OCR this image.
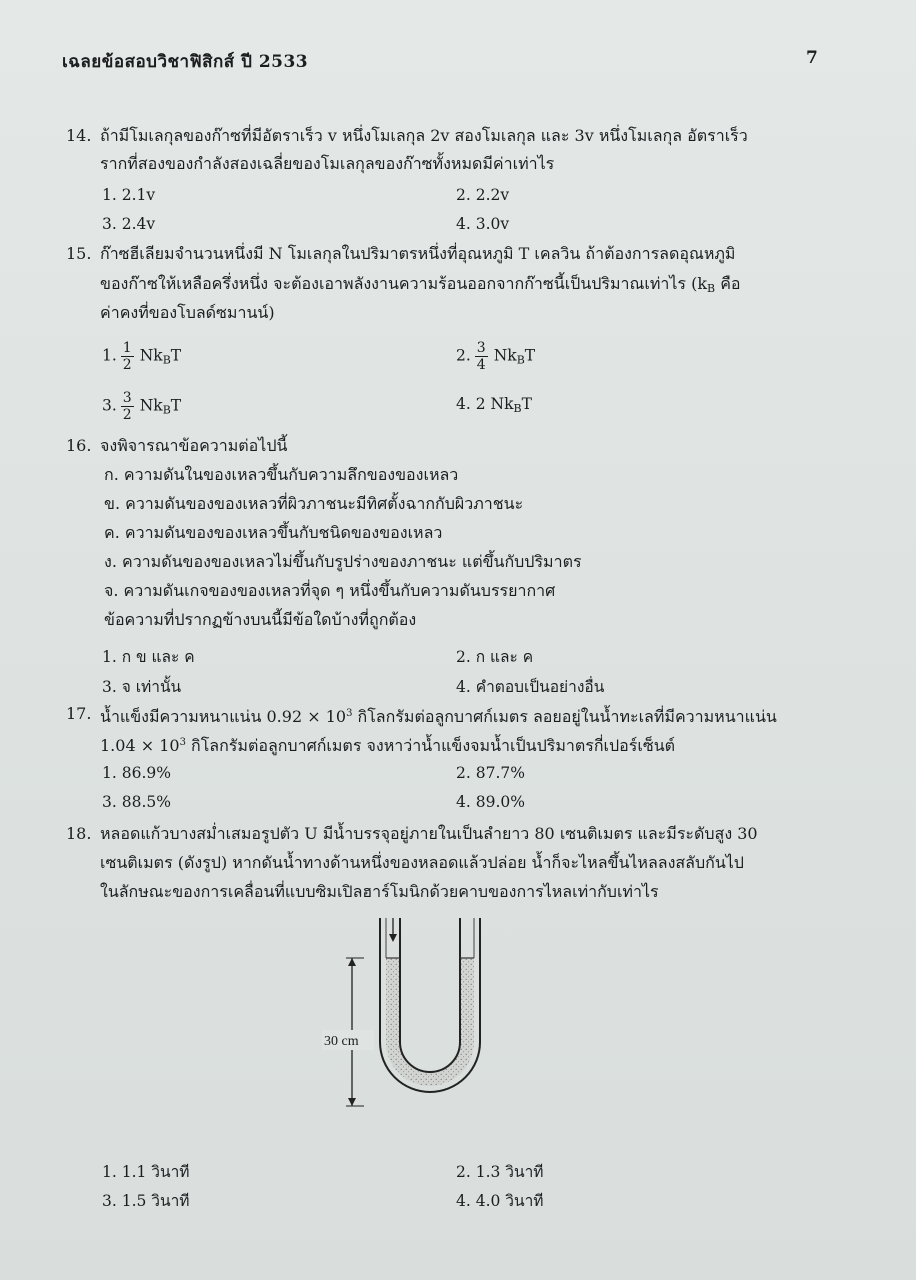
เฉลยข้อสอบวิชาฟิสิกส์ ปี 2533	7
14. ถ้ามีโมเลกุลของก๊าซที่มีอัตราเร็ว v หนึ่งโมเลกุล 2v สองโมเลกุล และ 3v หนึ่งโมเลกุล อัตราเร็ว
รากที่สองของกำลังสองเฉลี่ยของโมเลกุลของก๊าซทั้งหมดมีค่าเท่าไร
1. 2.1v	2. 2.2v
3. 2.4v	4. 3.0v
15. ก๊าซฮีเลียมจำนวนหนึ่งมี N โมเลกุลในปริมาตรหนึ่งที่อุณหภูมิ T เคลวิน ถ้าต้องการลดอุณหภูมิ
ของก๊าซให้เหลือครึ่งหนึ่ง จะต้องเอาพลังงานความร้อนออกจากก๊าซนี้เป็นปริมาณเท่าไร ($k_B$ คือ
ค่าคงที่ของโบลด์ซมานน์)
1. $\frac{1}{2} Nk_BT$	2. $\frac{3}{4} Nk_BT$
3. $\frac{3}{2} Nk_BT$	4. 2 $Nk_BT$
16. จงพิจารณาข้อความต่อไปนี้
ก. ความดันในของเหลวขึ้นกับความลึกของของเหลว
ข. ความดันของของเหลวที่ผิวภาชนะมีทิศตั้งฉากกับผิวภาชนะ
ค. ความดันของของเหลวขึ้นกับชนิดของของเหลว
ง. ความดันของของเหลวไม่ขึ้นกับรูปร่างของภาชนะ แต่ขึ้นกับปริมาตร
จ. ความดันเกจของของเหลวที่จุด ๆ หนึ่งขึ้นกับความดันบรรยากาศ
ข้อความที่ปรากฏข้างบนนี้มีข้อใดบ้างที่ถูกต้อง
1. ก ข และ ค	2. ก และ ค
3. จ เท่านั้น	4. คำตอบเป็นอย่างอื่น
17. น้ำแข็งมีความหนาแน่น $0.92 \times 10^3$ กิโลกรัมต่อลูกบาศก์เมตร ลอยอยู่ในน้ำทะเลที่มีความหนาแน่น
$1.04 \times 10^3$ กิโลกรัมต่อลูกบาศก์เมตร จงหาว่าน้ำแข็งจมน้ำเป็นปริมาตรกี่เปอร์เซ็นต์
1. 86.9%	2. 87.7%
3. 88.5%	4. 89.0%
18. หลอดแก้วบางสม่ำเสมอรูปตัว U มีน้ำบรรจุอยู่ภายในเป็นลำยาว 80 เซนติเมตร และมีระดับสูง 30
เซนติเมตร (ดังรูป) หากดันน้ำทางด้านหนึ่งของหลอดแล้วปล่อย น้ำก็จะไหลขึ้นไหลลงสลับกันไป
ในลักษณะของการเคลื่อนที่แบบซิมเปิลฮาร์โมนิกด้วยคาบของการไหลเท่ากับเท่าไร
30 cm
1. 1.1 วินาที	2. 1.3 วินาที
3. 1.5 วินาที	4. 4.0 วินาที
